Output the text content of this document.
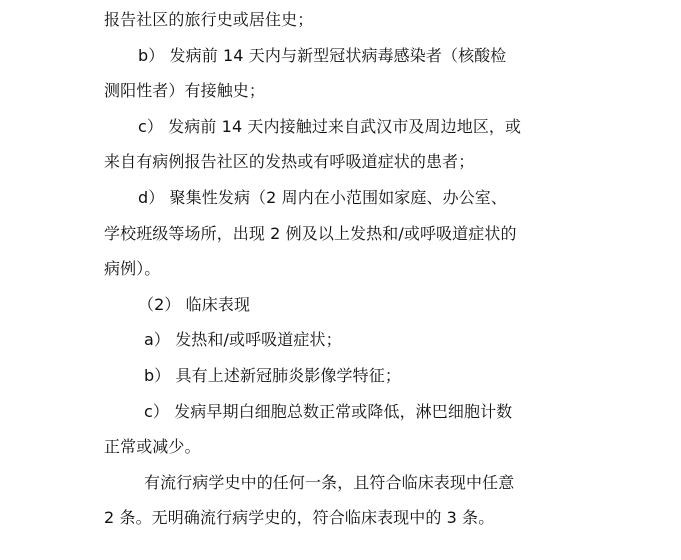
报告社区的旅行史或居住史；
b） 发病前 14 天内与新型冠状病毒感染者（核酸检
测阳性者）有接触史；
c） 发病前 14 天内接触过来自武汉市及周边地区，或
来自有病例报告社区的发热或有呼吸道症状的患者；
d） 聚集性发病（2 周内在小范围如家庭、办公室、
学校班级等场所，出现 2 例及以上发热和/或呼吸道症状的
病例）。
（2） 临床表现
a） 发热和/或呼吸道症状；
b） 具有上述新冠肺炎影像学特征；
c） 发病早期白细胞总数正常或降低，淋巴细胞计数
正常或减少。
有流行病学史中的任何一条，且符合临床表现中任意
2 条。无明确流行病学史的，符合临床表现中的 3 条。
